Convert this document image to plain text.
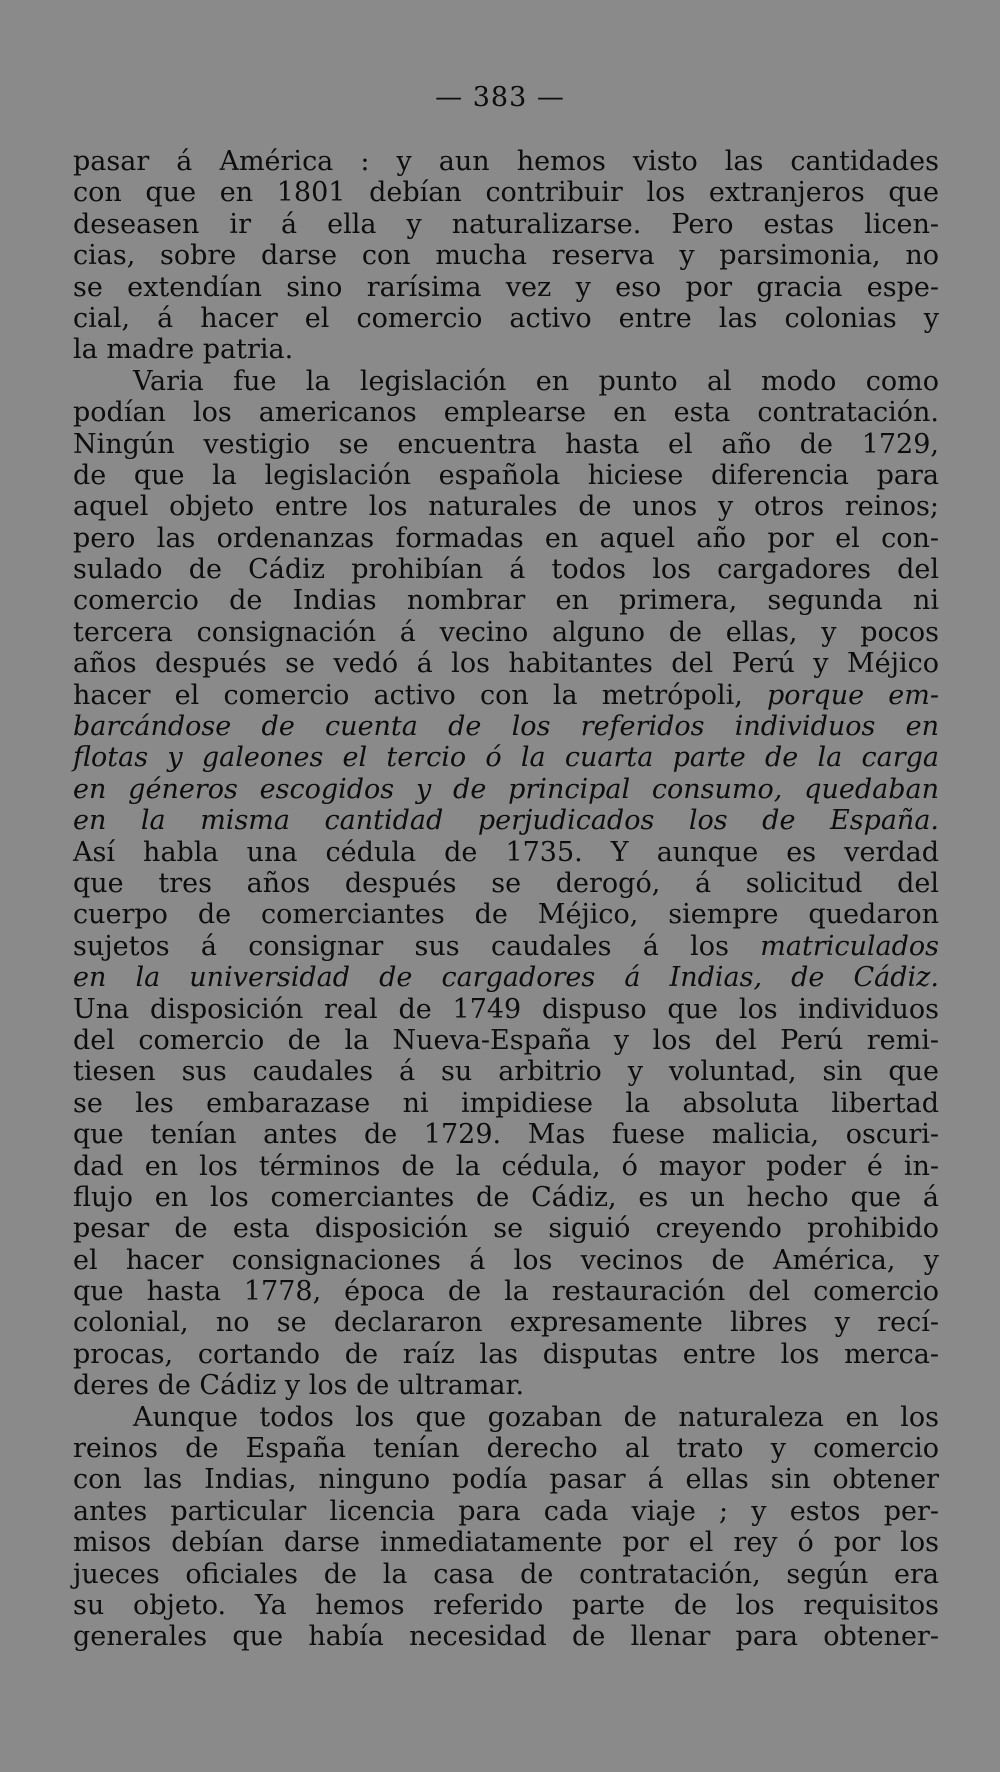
— 383 —
pasar á América : y aun hemos visto las cantidades
con que en 1801 debían contribuir los extranjeros que
deseasen ir á ella y naturalizarse. Pero estas licen-
cias, sobre darse con mucha reserva y parsimonia, no
se extendían sino rarísima vez y eso por gracia espe-
cial, á hacer el comercio activo entre las colonias y
la madre patria.
Varia fue la legislación en punto al modo como
podían los americanos emplearse en esta contratación.
Ningún vestigio se encuentra hasta el año de 1729,
de que la legislación española hiciese diferencia para
aquel objeto entre los naturales de unos y otros reinos;
pero las ordenanzas formadas en aquel año por el con-
sulado de Cádiz prohibían á todos los cargadores del
comercio de Indias nombrar en primera, segunda ni
tercera consignación á vecino alguno de ellas, y pocos
años después se vedó á los habitantes del Perú y Méjico
hacer el comercio activo con la metrópoli, porque em-
barcándose de cuenta de los referidos individuos en
flotas y galeones el tercio ó la cuarta parte de la carga
en géneros escogidos y de principal consumo, quedaban
en la misma cantidad perjudicados los de España.
Así habla una cédula de 1735. Y aunque es verdad
que tres años después se derogó, á solicitud del
cuerpo de comerciantes de Méjico, siempre quedaron
sujetos á consignar sus caudales á los matriculados
en la universidad de cargadores á Indias, de Cádiz.
Una disposición real de 1749 dispuso que los individuos
del comercio de la Nueva-España y los del Perú remi-
tiesen sus caudales á su arbitrio y voluntad, sin que
se les embarazase ni impidiese la absoluta libertad
que tenían antes de 1729. Mas fuese malicia, oscuri-
dad en los términos de la cédula, ó mayor poder é in-
flujo en los comerciantes de Cádiz, es un hecho que á
pesar de esta disposición se siguió creyendo prohibido
el hacer consignaciones á los vecinos de América, y
que hasta 1778, época de la restauración del comercio
colonial, no se declararon expresamente libres y recí-
procas, cortando de raíz las disputas entre los merca-
deres de Cádiz y los de ultramar.
Aunque todos los que gozaban de naturaleza en los
reinos de España tenían derecho al trato y comercio
con las Indias, ninguno podía pasar á ellas sin obtener
antes particular licencia para cada viaje ; y estos per-
misos debían darse inmediatamente por el rey ó por los
jueces oficiales de la casa de contratación, según era
su objeto. Ya hemos referido parte de los requisitos
generales que había necesidad de llenar para obtener-
